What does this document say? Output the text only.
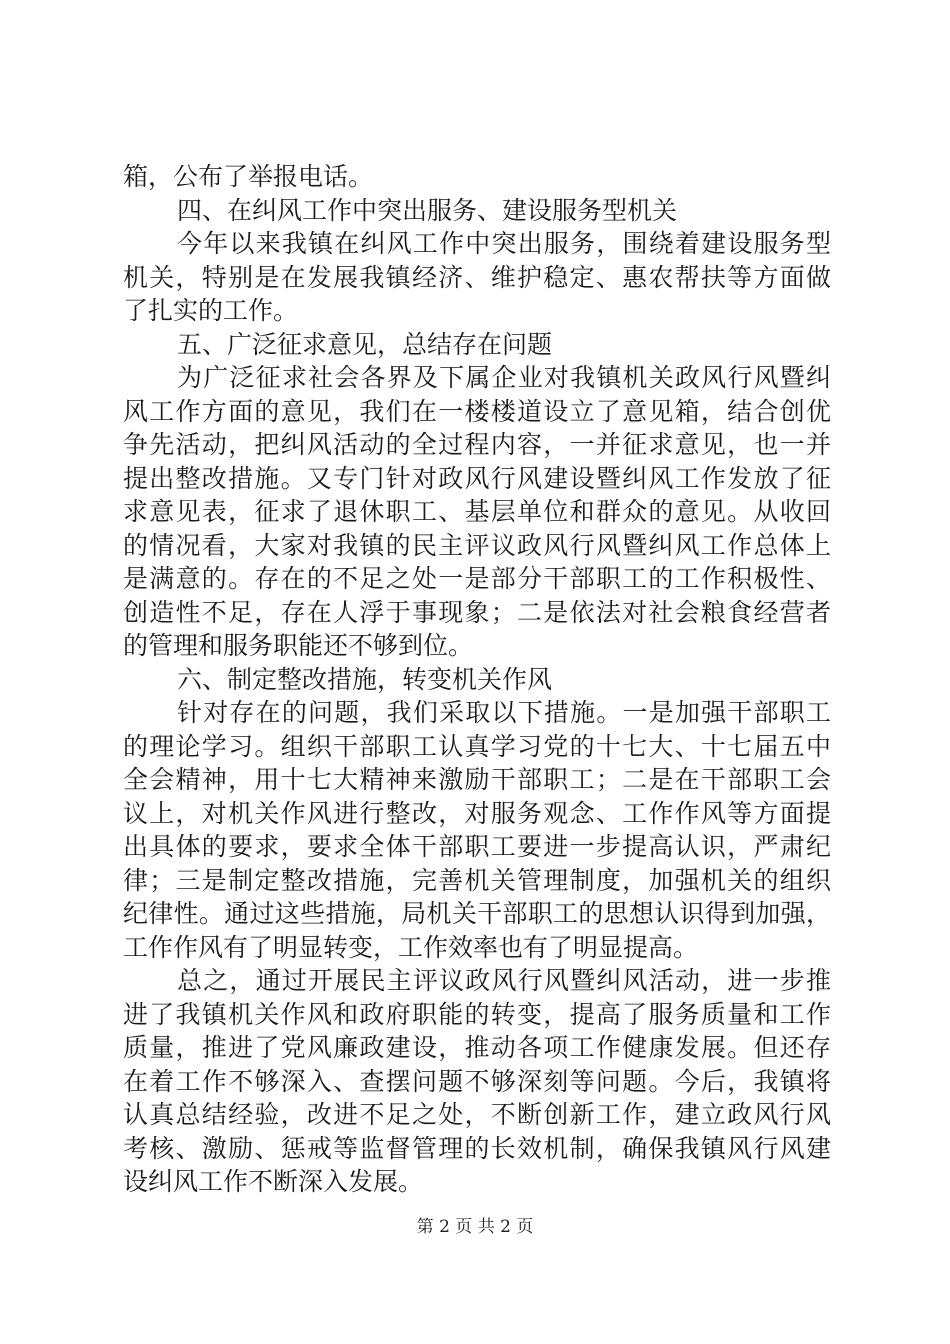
箱，公布了举报电话。
四、在纠风工作中突出服务、建设服务型机关
今年以来我镇在纠风工作中突出服务，围绕着建设服务型
机关，特别是在发展我镇经济、维护稳定、惠农帮扶等方面做
了扎实的工作。
五、广泛征求意见，总结存在问题
为广泛征求社会各界及下属企业对我镇机关政风行风暨纠
风工作方面的意见，我们在一楼楼道设立了意见箱，结合创优
争先活动，把纠风活动的全过程内容，一并征求意见，也一并
提出整改措施。又专门针对政风行风建设暨纠风工作发放了征
求意见表，征求了退休职工、基层单位和群众的意见。从收回
的情况看，大家对我镇的民主评议政风行风暨纠风工作总体上
是满意的。存在的不足之处一是部分干部职工的工作积极性、
创造性不足，存在人浮于事现象；二是依法对社会粮食经营者
的管理和服务职能还不够到位。
六、制定整改措施，转变机关作风
针对存在的问题，我们采取以下措施。一是加强干部职工
的理论学习。组织干部职工认真学习党的十七大、十七届五中
全会精神，用十七大精神来激励干部职工；二是在干部职工会
议上，对机关作风进行整改，对服务观念、工作作风等方面提
出具体的要求，要求全体干部职工要进一步提高认识，严肃纪
律；三是制定整改措施，完善机关管理制度，加强机关的组织
纪律性。通过这些措施，局机关干部职工的思想认识得到加强，
工作作风有了明显转变，工作效率也有了明显提高。
总之，通过开展民主评议政风行风暨纠风活动，进一步推
进了我镇机关作风和政府职能的转变，提高了服务质量和工作
质量，推进了党风廉政建设，推动各项工作健康发展。但还存
在着工作不够深入、查摆问题不够深刻等问题。今后，我镇将
认真总结经验，改进不足之处，不断创新工作，建立政风行风
考核、激励、惩戒等监督管理的长效机制，确保我镇风行风建
设纠风工作不断深入发展。
第 2 页 共 2 页
